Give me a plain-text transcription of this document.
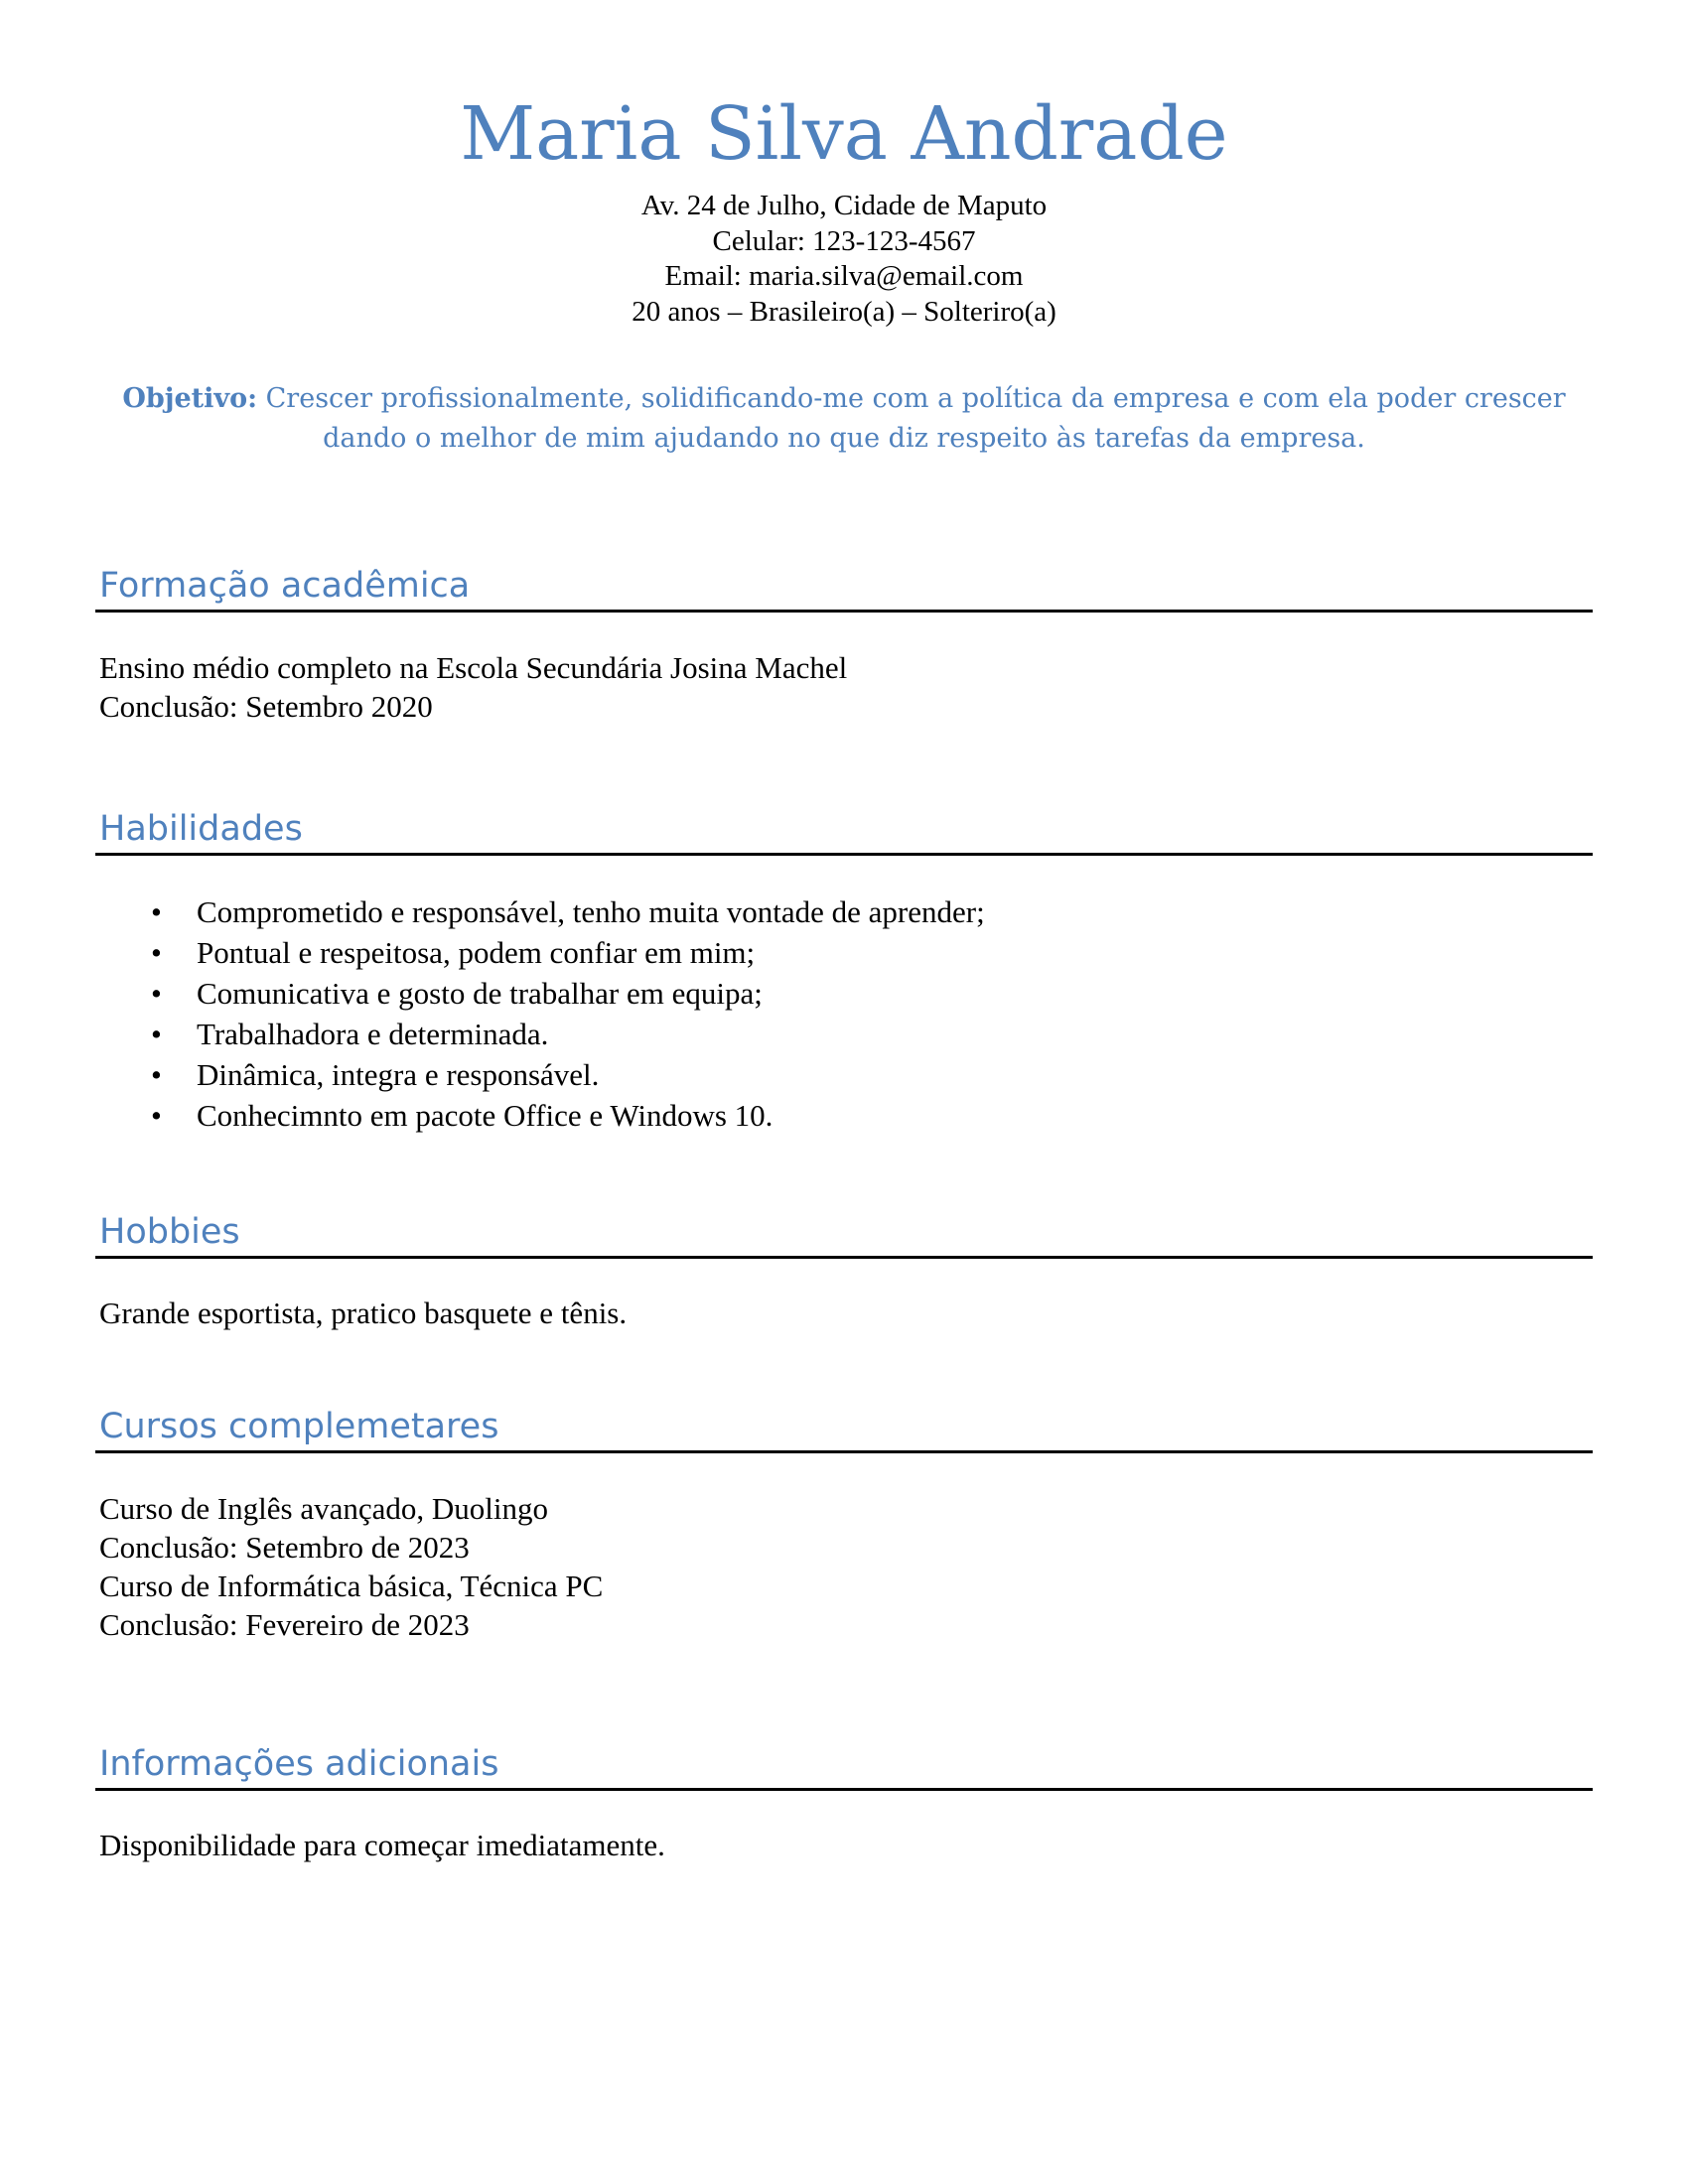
Maria Silva Andrade
Av. 24 de Julho, Cidade de Maputo
Celular: 123-123-4567
Email: maria.silva@email.com
20 anos – Brasileiro(a) – Solteriro(a)
Objetivo: Crescer profissionalmente, solidificando-me com a política da empresa e com ela poder crescer dando o melhor de mim ajudando no que diz respeito às tarefas da empresa.
Formação acadêmica
Ensino médio completo na Escola Secundária Josina Machel
Conclusão: Setembro 2020
Habilidades
• Comprometido e responsável, tenho muita vontade de aprender;
• Pontual e respeitosa, podem confiar em mim;
• Comunicativa e gosto de trabalhar em equipa;
• Trabalhadora e determinada.
• Dinâmica, integra e responsável.
• Conhecimnto em pacote Office e Windows 10.
Hobbies
Grande esportista, pratico basquete e tênis.
Cursos complemetares
Curso de Inglês avançado, Duolingo
Conclusão: Setembro de 2023
Curso de Informática básica, Técnica PC
Conclusão: Fevereiro de 2023
Informações adicionais
Disponibilidade para começar imediatamente.
